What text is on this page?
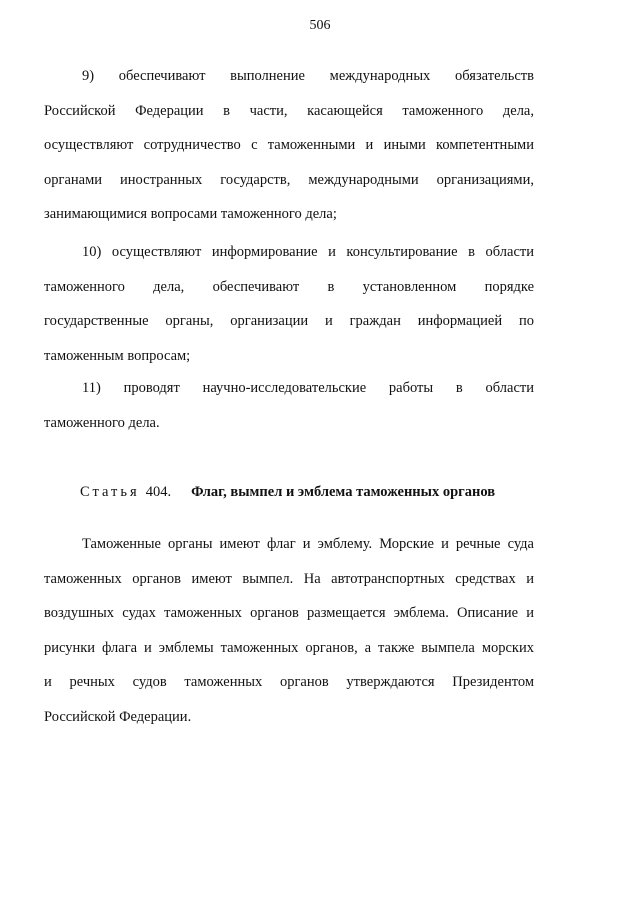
506

9) обеспечивают выполнение международных обязательств
Российской Федерации в части, касающейся таможенного дела,
осуществляют сотрудничество с таможенными и иными компетентными
органами иностранных государств, международными организациями,

занимающимися вопросами таможенного дела;

10) осуществляют информирование и консультирование в области
таможенного дела, обеспечивают в установленном порядке
государственные органы, организации и граждан информацией по

таможенным вопросам;

11) проводят научно-исследовательские работы в области

таможенного дела.

Статья 404. Флаг, вымпел и эмблема таможенных органов

Таможенные органы имеют флаг и эмблему. Морские и речные суда
таможенных органов имеют вымпел. На автотранспортных средствах и
воздушных судах таможенных органов размещается эмблема. Описание и
рисунки флага и эмблемы таможенных органов, а также вымпела морских
и речных судов таможенных органов утверждаются Президентом

Российской Федерации.
